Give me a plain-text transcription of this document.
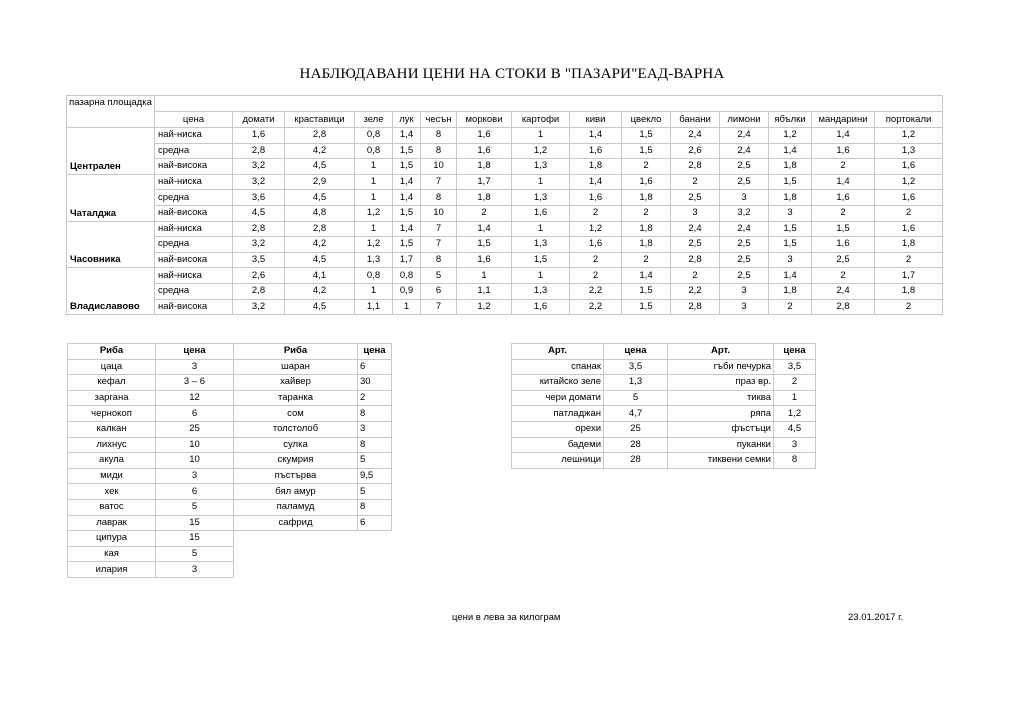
НАБЛЮДАВАНИ ЦЕНИ НА СТОКИ В "ПАЗАРИ"ЕАД-ВАРНА
пазарна площадка															
	цена	домати	краставици	зеле	лук	чесън	моркови	картофи	киви	цвекло	банани	лимони	ябълки	мандарини	портокали
Централен	най-ниска	1,6	2,8	0,8	1,4	8	1,6	1	1,4	1,5	2,4	2,4	1,2	1,4	1,2
	средна	2,8	4,2	0,8	1,5	8	1,6	1,2	1,6	1,5	2,6	2,4	1,4	1,6	1,3
	най-висока	3,2	4,5	1	1,5	10	1,8	1,3	1,8	2	2,8	2,5	1,8	2	1,6
Чаталджа	най-ниска	3,2	2,9	1	1,4	7	1,7	1	1,4	1,6	2	2,5	1,5	1,4	1,2
	средна	3,6	4,5	1	1,4	8	1,8	1,3	1,6	1,8	2,5	3	1,8	1,6	1,6
	най-висока	4,5	4,8	1,2	1,5	10	2	1,6	2	2	3	3,2	3	2	2
Часовника	най-ниска	2,8	2,8	1	1,4	7	1,4	1	1,2	1,8	2,4	2,4	1,5	1,5	1,6
	средна	3,2	4,2	1,2	1,5	7	1,5	1,3	1,6	1,8	2,5	2,5	1,5	1,6	1,8
	най-висока	3,5	4,5	1,3	1,7	8	1,6	1,5	2	2	2,8	2,5	3	2,5	2
Владиславово	най-ниска	2,6	4,1	0,8	0,8	5	1	1	2	1,4	2	2,5	1,4	2	1,7
	средна	2,8	4,2	1	0,9	6	1,1	1,3	2,2	1,5	2,2	3	1,8	2,4	1,8
	най-висока	3,2	4,5	1,1	1	7	1,2	1,6	2,2	1,5	2,8	3	2	2,8	2
Риба	цена	Риба	цена
цаца	3	шаран	6
кефал	3 – 6	хайвер	30
заргана	12	таранка	2
чернокоп	6	сом	8
калкан	25	толстолоб	3
лихнус	10	сулка	8
акула	10	скумрия	5
миди	3	пъстърва	9,5
хек	6	бял амур	5
ватос	5	паламуд	8
лаврак	15	сафрид	6
ципура	15		
кая	5		
илария	3		
Арт.	цена	Арт.	цена
спанак	3,5	гъби печурка	3,5
китайско зеле	1,3	праз вр.	2
чери домати	5	тиква	1
патладжан	4,7	ряпа	1,2
орехи	25	фъстъци	4,5
бадеми	28	пуканки	3
лешници	28	тиквени семки	8
цени в лева за килограм	23.01.2017 г.
